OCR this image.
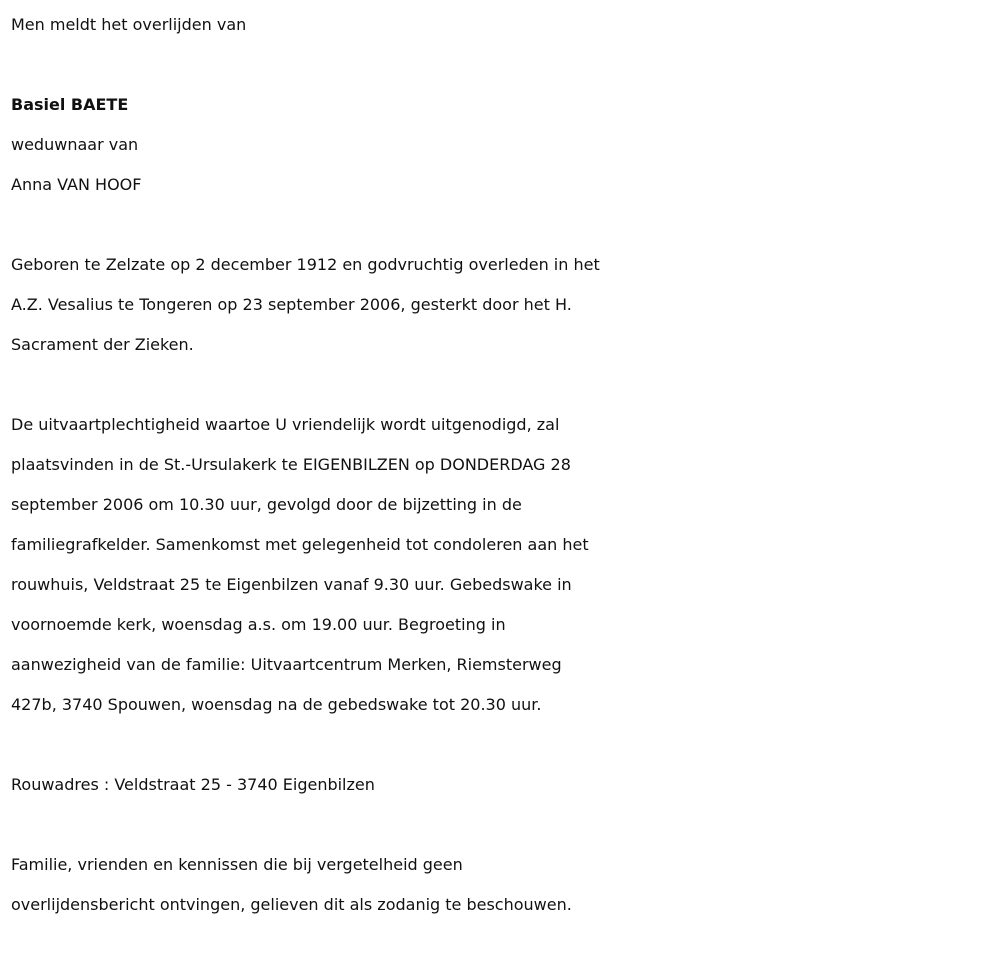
Men meldt het overlijden van

Basiel BAETE

weduwnaar van

Anna VAN HOOF

Geboren te Zelzate op 2 december 1912 en godvruchtig overleden in het

A.Z. Vesalius te Tongeren op 23 september 2006, gesterkt door het H.

Sacrament der Zieken.

De uitvaartplechtigheid waartoe U vriendelijk wordt uitgenodigd, zal

plaatsvinden in de St.-Ursulakerk te EIGENBILZEN op DONDERDAG 28

september 2006 om 10.30 uur, gevolgd door de bijzetting in de

familiegrafkelder. Samenkomst met gelegenheid tot condoleren aan het

rouwhuis, Veldstraat 25 te Eigenbilzen vanaf 9.30 uur. Gebedswake in

voornoemde kerk, woensdag a.s. om 19.00 uur. Begroeting in

aanwezigheid van de familie: Uitvaartcentrum Merken, Riemsterweg

427b, 3740 Spouwen, woensdag na de gebedswake tot 20.30 uur.

Rouwadres : Veldstraat 25 - 3740 Eigenbilzen

Familie, vrienden en kennissen die bij vergetelheid geen

overlijdensbericht ontvingen, gelieven dit als zodanig te beschouwen.
